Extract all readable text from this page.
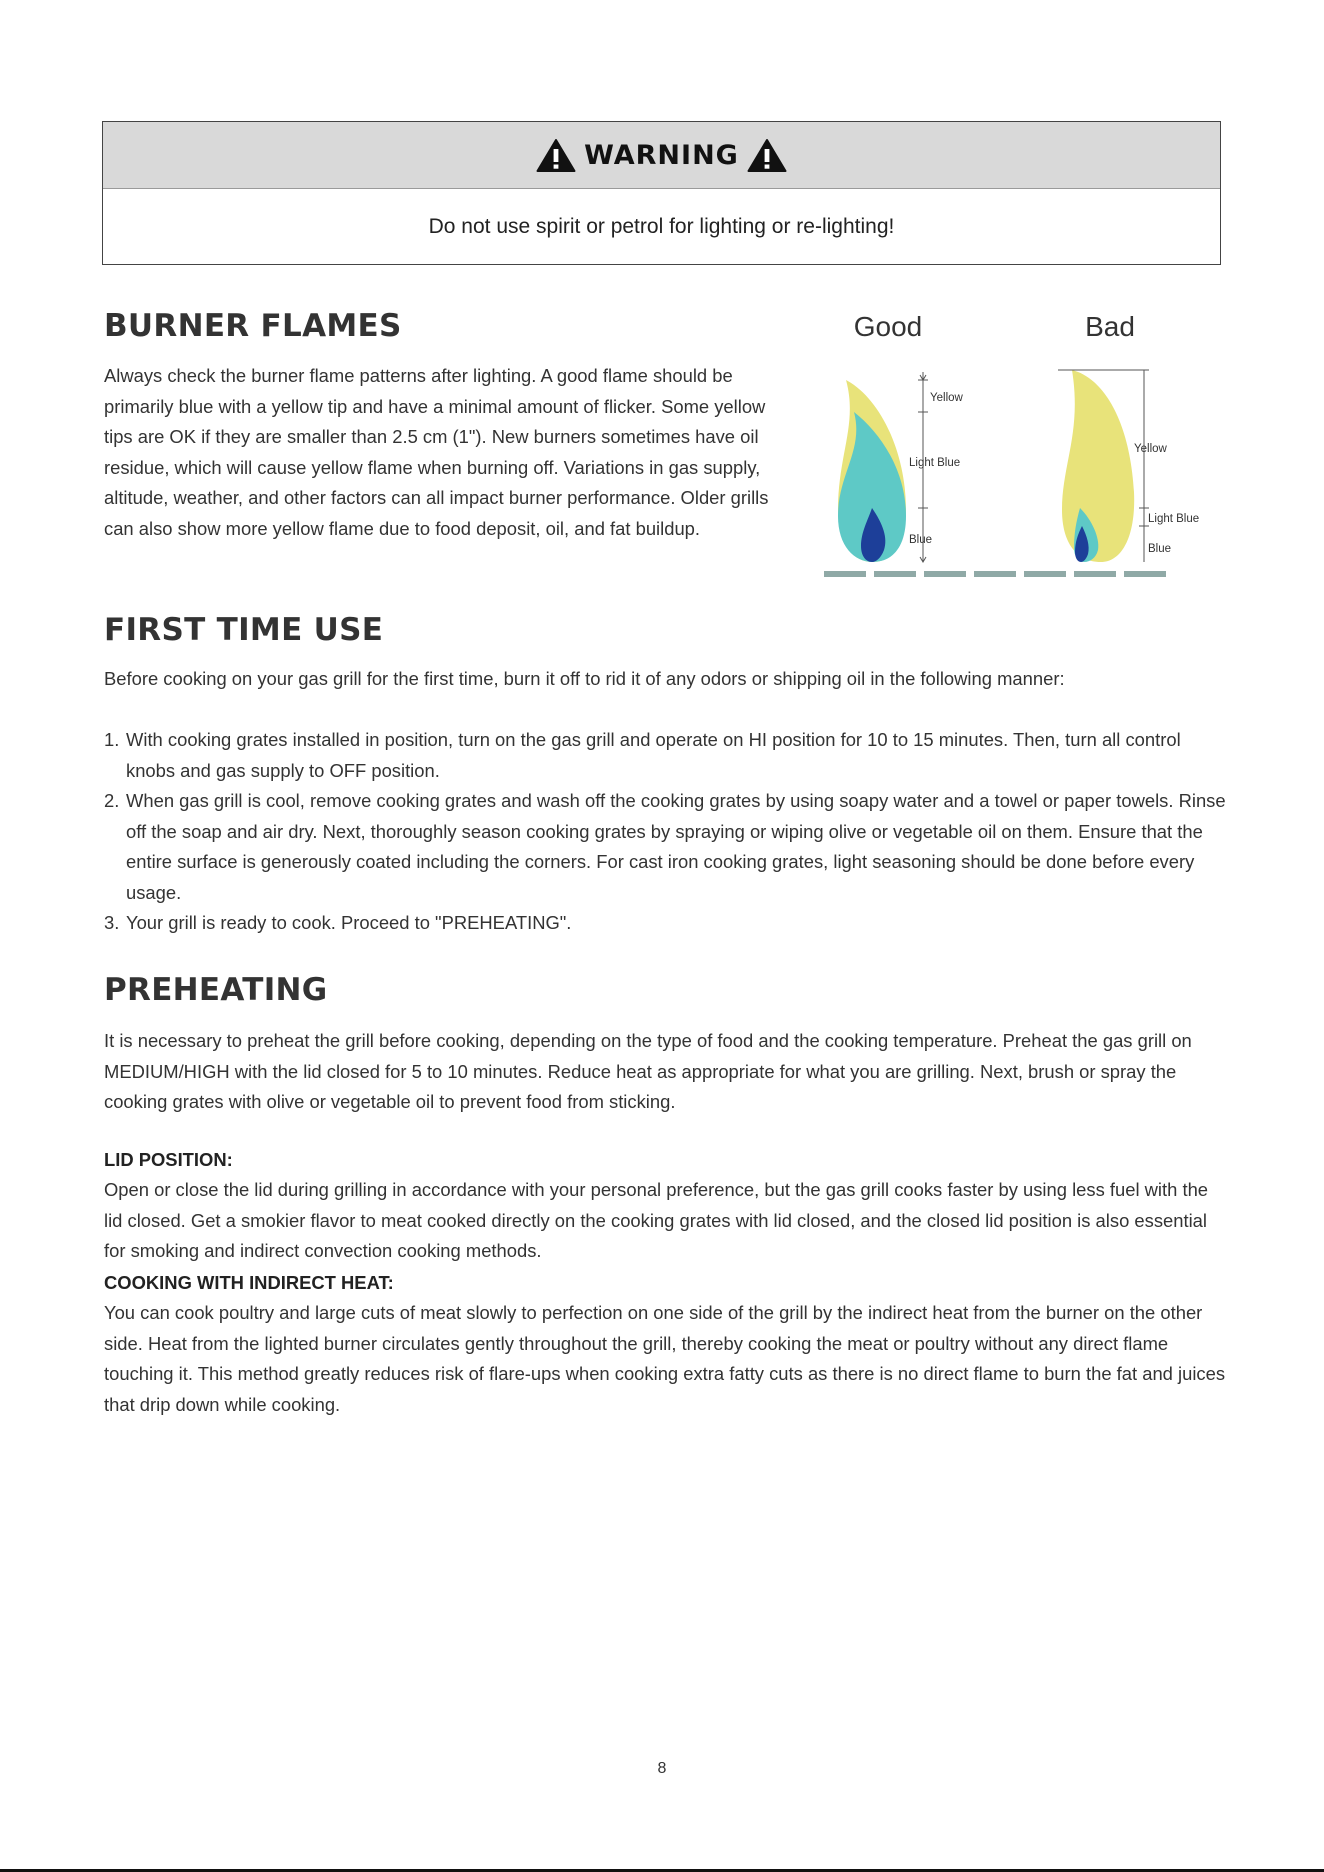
WARNING
Do not use spirit or petrol for lighting or re-lighting!
BURNER FLAMES

Always check the burner flame patterns after lighting. A good flame should be primarily blue with a yellow tip and have a minimal amount of flicker. Some yellow tips are OK if they are smaller than 2.5 cm (1"). New burners sometimes have oil residue, which will cause yellow flame when burning off. Variations in gas supply, altitude, weather, and other factors can all impact burner performance. Older grills can also show more yellow flame due to food deposit, oil, and fat buildup.

Good	Bad
Yellow
Light Blue
Blue
Yellow
Light Blue
Blue
FIRST TIME USE

Before cooking on your gas grill for the first time, burn it off to rid it of any odors or shipping oil in the following manner:

1. With cooking grates installed in position, turn on the gas grill and operate on HI position for 10 to 15 minutes. Then, turn all control knobs and gas supply to OFF position.
2. When gas grill is cool, remove cooking grates and wash off the cooking grates by using soapy water and a towel or paper towels. Rinse off the soap and air dry. Next, thoroughly season cooking grates by spraying or wiping olive or vegetable oil on them. Ensure that the entire surface is generously coated including the corners. For cast iron cooking grates, light seasoning should be done before every usage.
3. Your grill is ready to cook. Proceed to "PREHEATING".
PREHEATING

It is necessary to preheat the grill before cooking, depending on the type of food and the cooking temperature. Preheat the gas grill on MEDIUM/HIGH with the lid closed for 5 to 10 minutes. Reduce heat as appropriate for what you are grilling. Next, brush or spray the cooking grates with olive or vegetable oil to prevent food from sticking.

LID POSITION:

Open or close the lid during grilling in accordance with your personal preference, but the gas grill cooks faster by using less fuel with the lid closed. Get a smokier flavor to meat cooked directly on the cooking grates with lid closed, and the closed lid position is also essential for smoking and indirect convection cooking methods.

COOKING WITH INDIRECT HEAT:

You can cook poultry and large cuts of meat slowly to perfection on one side of the grill by the indirect heat from the burner on the other side. Heat from the lighted burner circulates gently throughout the grill, thereby cooking the meat or poultry without any direct flame touching it. This method greatly reduces risk of flare-ups when cooking extra fatty cuts as there is no direct flame to burn the fat and juices that drip down while cooking.

8
